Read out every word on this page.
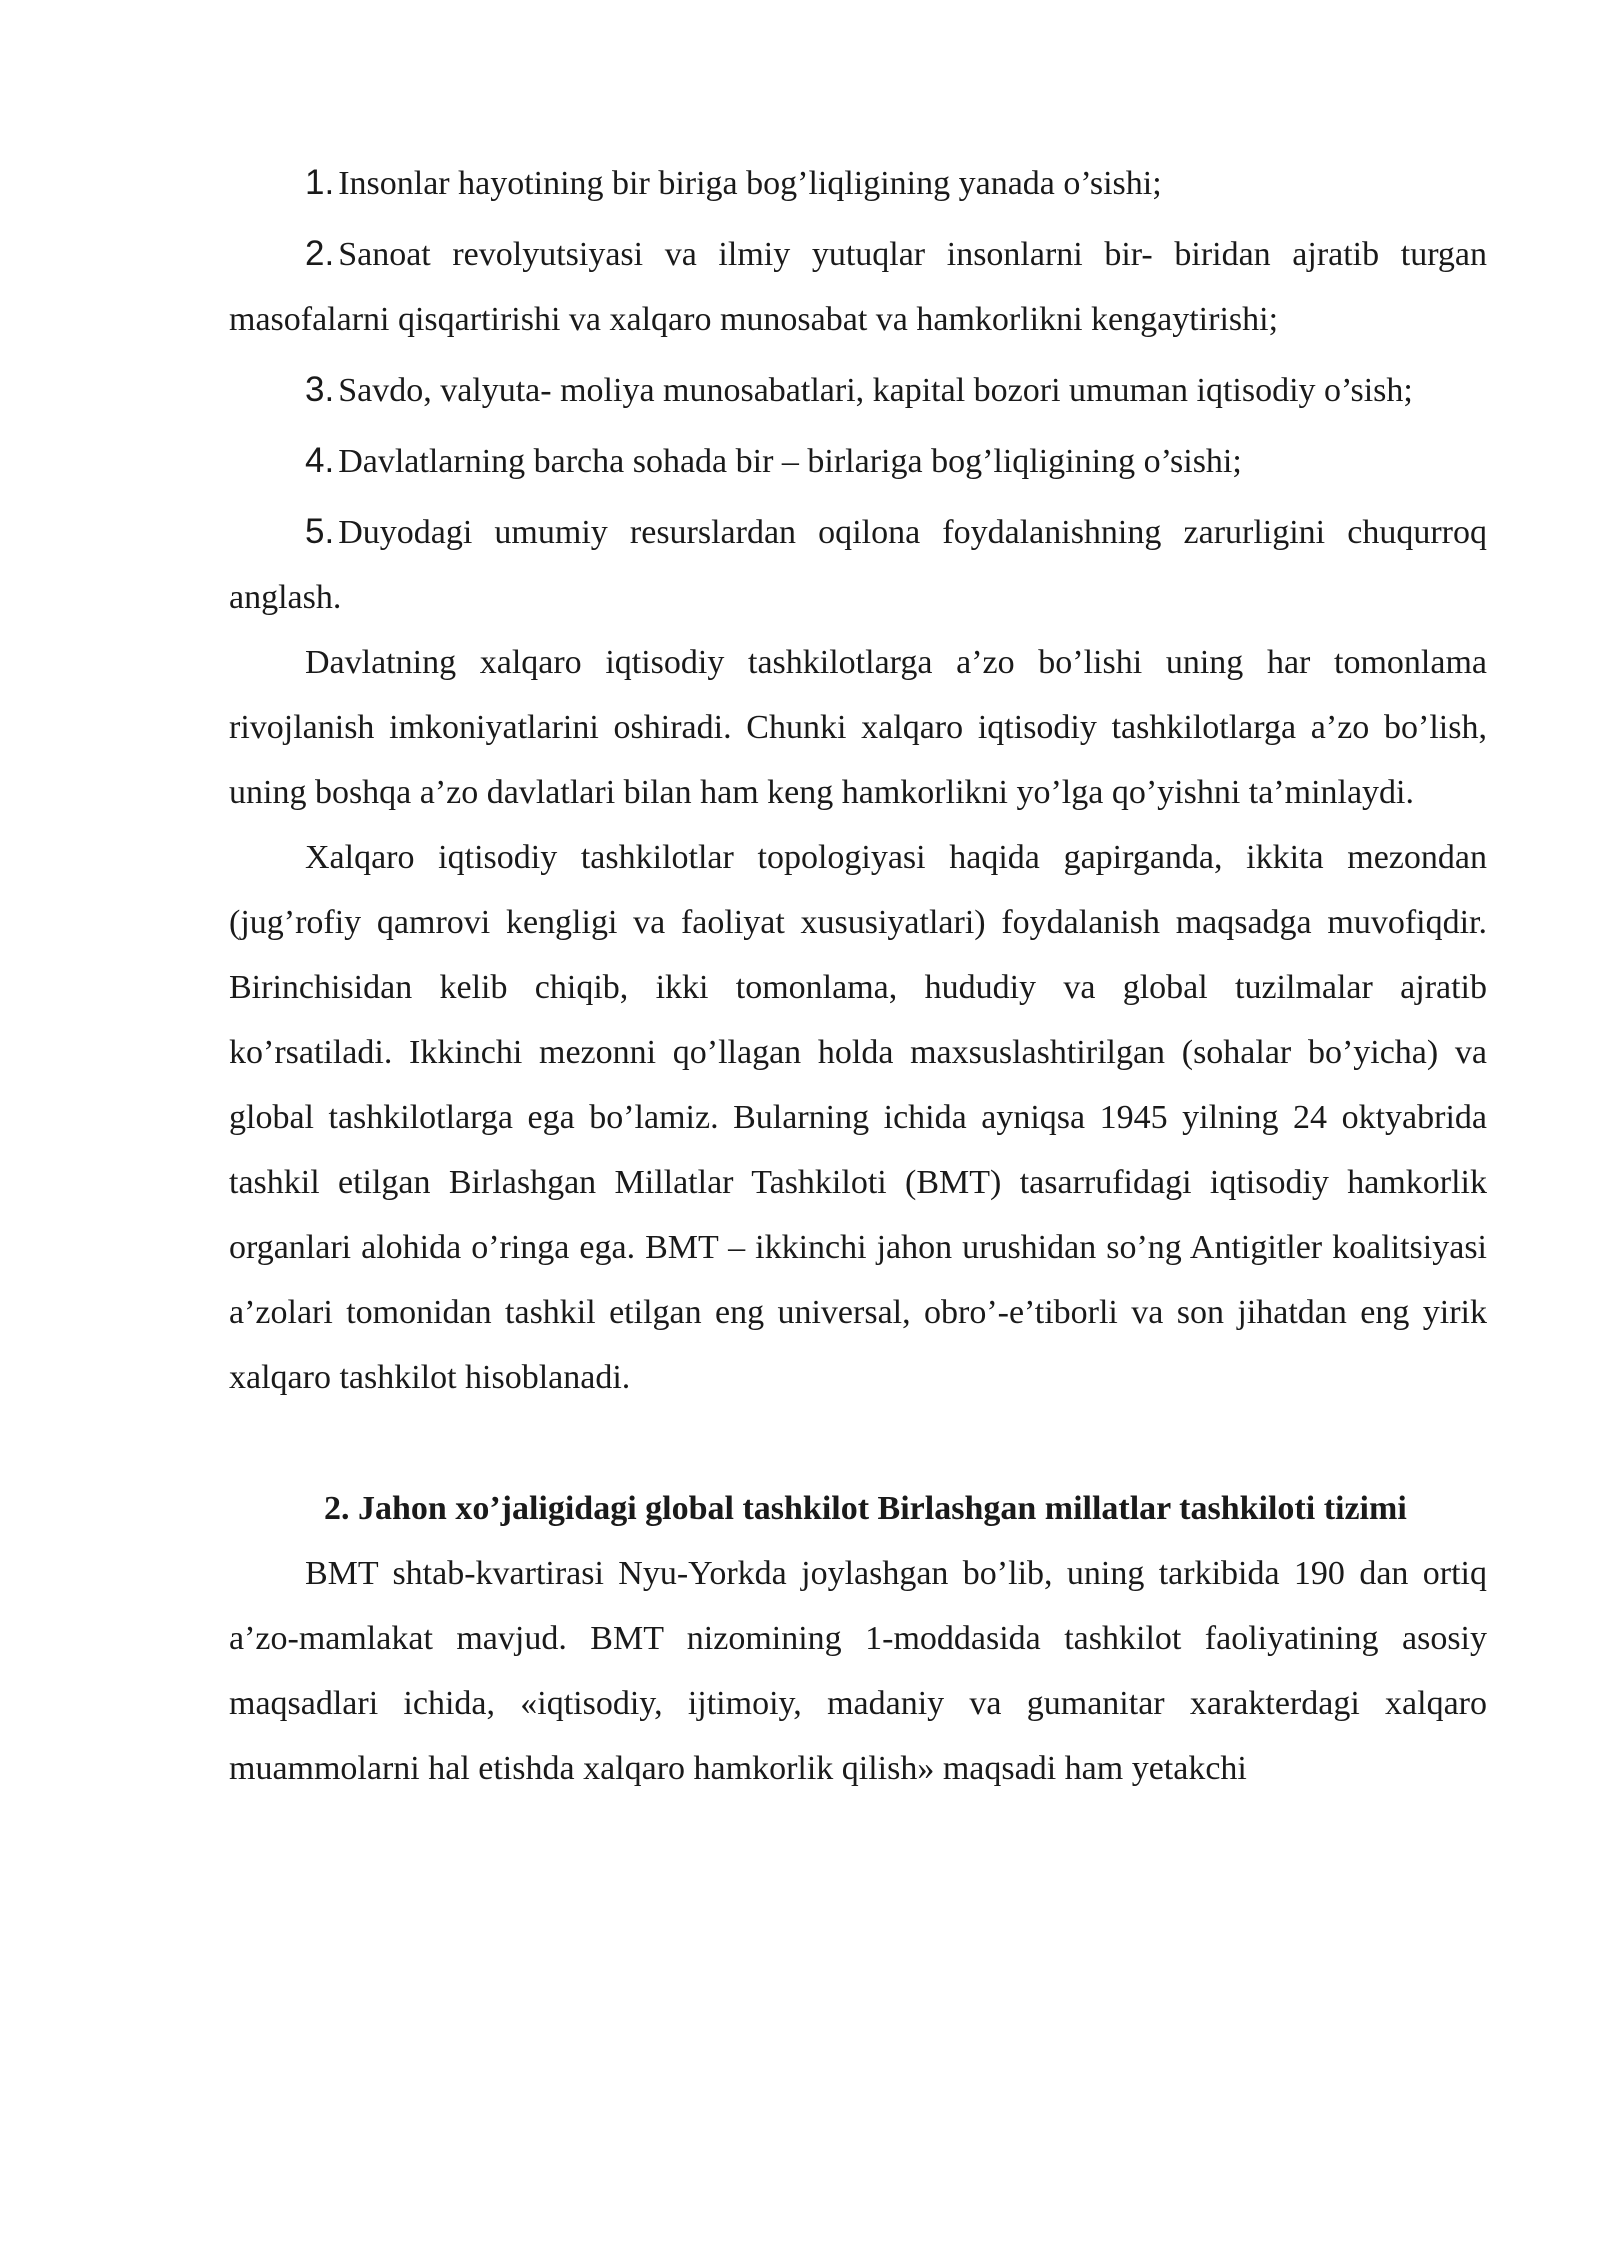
1. Insonlar hayotining bir biriga bog’liqligining yanada o’sishi;

2. Sanoat revolyutsiyasi va ilmiy yutuqlar insonlarni bir- biridan ajratib turgan masofalarni qisqartirishi va xalqaro munosabat va hamkorlikni kengaytirishi;

3. Savdo, valyuta- moliya munosabatlari, kapital bozori umuman iqtisodiy o’sish;

4. Davlatlarning barcha sohada bir – birlariga bog’liqligining o’sishi;

5. Duyodagi umumiy resurslardan oqilona foydalanishning zarurligini chuqurroq anglash.

Davlatning xalqaro iqtisodiy tashkilotlarga a’zo bo’lishi uning har tomonlama rivojlanish imkoniyatlarini oshiradi. Chunki xalqaro iqtisodiy tashkilotlarga a’zo bo’lish, uning boshqa a’zo davlatlari bilan ham keng hamkorlikni yo’lga qo’yishni ta’minlaydi.

Xalqaro iqtisodiy tashkilotlar topologiyasi haqida gapirganda, ikkita mezondan (jug’rofiy qamrovi kengligi va faoliyat xususiyatlari) foydalanish maqsadga muvofiqdir. Birinchisidan kelib chiqib, ikki tomonlama, hududiy va global tuzilmalar ajratib ko’rsatiladi. Ikkinchi mezonni qo’llagan holda maxsuslashtirilgan (sohalar bo’yicha) va global tashkilotlarga ega bo’lamiz. Bularning ichida ayniqsa 1945 yilning 24 oktyabrida tashkil etilgan Birlashgan Millatlar Tashkiloti (BMT) tasarrufidagi iqtisodiy hamkorlik organlari alohida o’ringa ega. BMT – ikkinchi jahon urushidan so’ng Antigitler koalitsiyasi a’zolari tomonidan tashkil etilgan eng universal, obro’-e’tiborli va son jihatdan eng yirik xalqaro tashkilot hisoblanadi.

2. Jahon xo’jaligidagi global tashkilot Birlashgan millatlar tashkiloti tizimi

BMT shtab-kvartirasi Nyu-Yorkda joylashgan bo’lib, uning tarkibida 190 dan ortiq a’zo-mamlakat mavjud. BMT nizomining 1-moddasida tashkilot faoliyatining asosiy maqsadlari ichida, «iqtisodiy, ijtimoiy, madaniy va gumanitar xarakterdagi xalqaro muammolarni hal etishda xalqaro hamkorlik qilish» maqsadi ham yetakchi
